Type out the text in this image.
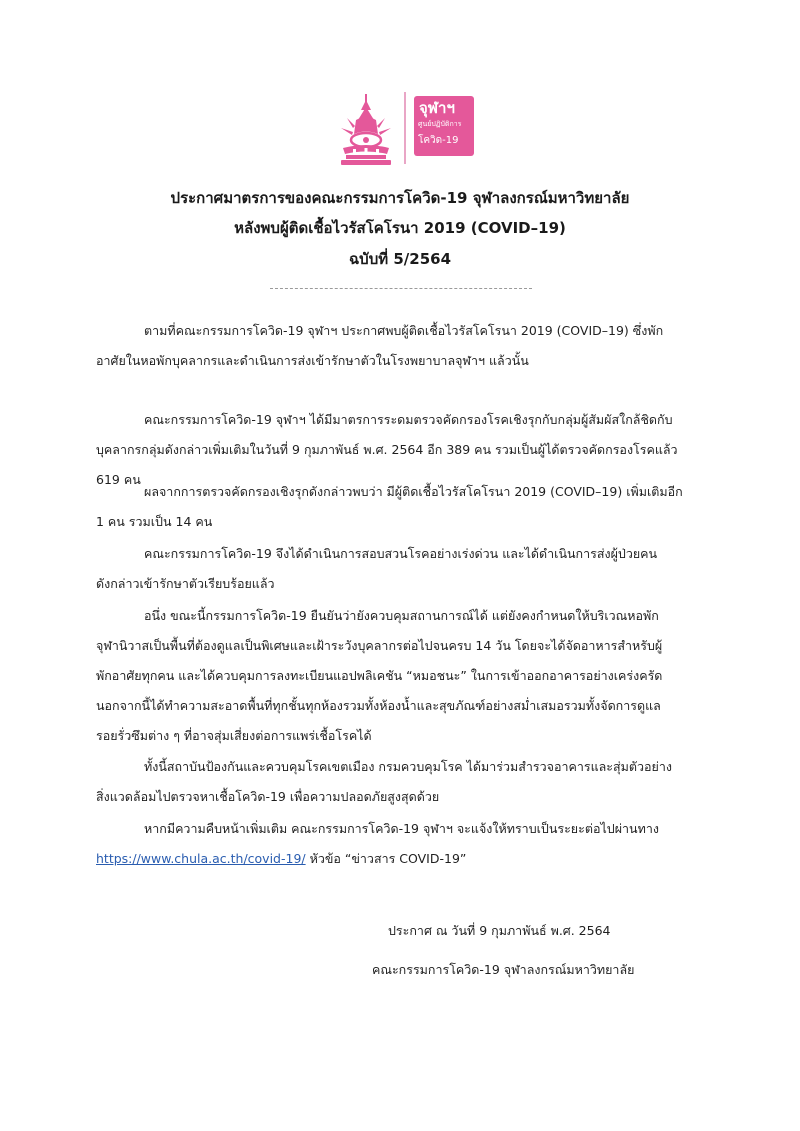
จุฬาฯ
ศูนย์ปฏิบัติการ
โควิด-19
ประกาศมาตรการของคณะกรรมการโควิด-19 จุฬาลงกรณ์มหาวิทยาลัย
หลังพบผู้ติดเชื้อไวรัสโคโรนา 2019 (COVID–19)
ฉบับที่ 5/2564
ตามที่คณะกรรมการโควิด-19 จุฬาฯ ประกาศพบผู้ติดเชื้อไวรัสโคโรนา 2019 (COVID–19) ซึ่งพัก
อาศัยในหอพักบุคลากรและดำเนินการส่งเข้ารักษาตัวในโรงพยาบาลจุฬาฯ แล้วนั้น
คณะกรรมการโควิด-19 จุฬาฯ ได้มีมาตรการระดมตรวจคัดกรองโรคเชิงรุกกับกลุ่มผู้สัมผัสใกล้ชิดกับ
บุคลากรกลุ่มดังกล่าวเพิ่มเติมในวันที่ 9 กุมภาพันธ์ พ.ศ. 2564 อีก 389 คน รวมเป็นผู้ได้ตรวจคัดกรองโรคแล้ว
619 คน
ผลจากการตรวจคัดกรองเชิงรุกดังกล่าวพบว่า มีผู้ติดเชื้อไวรัสโคโรนา 2019 (COVID–19) เพิ่มเติมอีก
1 คน รวมเป็น 14 คน
คณะกรรมการโควิด-19 จึงได้ดำเนินการสอบสวนโรคอย่างเร่งด่วน และได้ดำเนินการส่งผู้ป่วยคน
ดังกล่าวเข้ารักษาตัวเรียบร้อยแล้ว
อนึ่ง ขณะนี้กรรมการโควิด-19 ยืนยันว่ายังควบคุมสถานการณ์ได้ แต่ยังคงกำหนดให้บริเวณหอพัก
จุฬานิวาสเป็นพื้นที่ต้องดูแลเป็นพิเศษและเฝ้าระวังบุคลากรต่อไปจนครบ 14 วัน โดยจะได้จัดอาหารสำหรับผู้
พักอาศัยทุกคน และได้ควบคุมการลงทะเบียนแอปพลิเคชัน “หมอชนะ” ในการเข้าออกอาคารอย่างเคร่งครัด
นอกจากนี้ได้ทำความสะอาดพื้นที่ทุกชั้นทุกห้องรวมทั้งห้องน้ำและสุขภัณฑ์อย่างสม่ำเสมอรวมทั้งจัดการดูแล
รอยรั่วซึมต่าง ๆ ที่อาจสุ่มเสี่ยงต่อการแพร่เชื้อโรคได้
ทั้งนี้สถาบันป้องกันและควบคุมโรคเขตเมือง กรมควบคุมโรค ได้มาร่วมสำรวจอาคารและสุ่มตัวอย่าง
สิ่งแวดล้อมไปตรวจหาเชื้อโควิด-19 เพื่อความปลอดภัยสูงสุดด้วย
หากมีความคืบหน้าเพิ่มเติม คณะกรรมการโควิด-19 จุฬาฯ จะแจ้งให้ทราบเป็นระยะต่อไปผ่านทาง
https://www.chula.ac.th/covid-19/ หัวข้อ “ข่าวสาร COVID-19”
ประกาศ ณ วันที่ 9 กุมภาพันธ์ พ.ศ. 2564
คณะกรรมการโควิด-19 จุฬาลงกรณ์มหาวิทยาลัย
